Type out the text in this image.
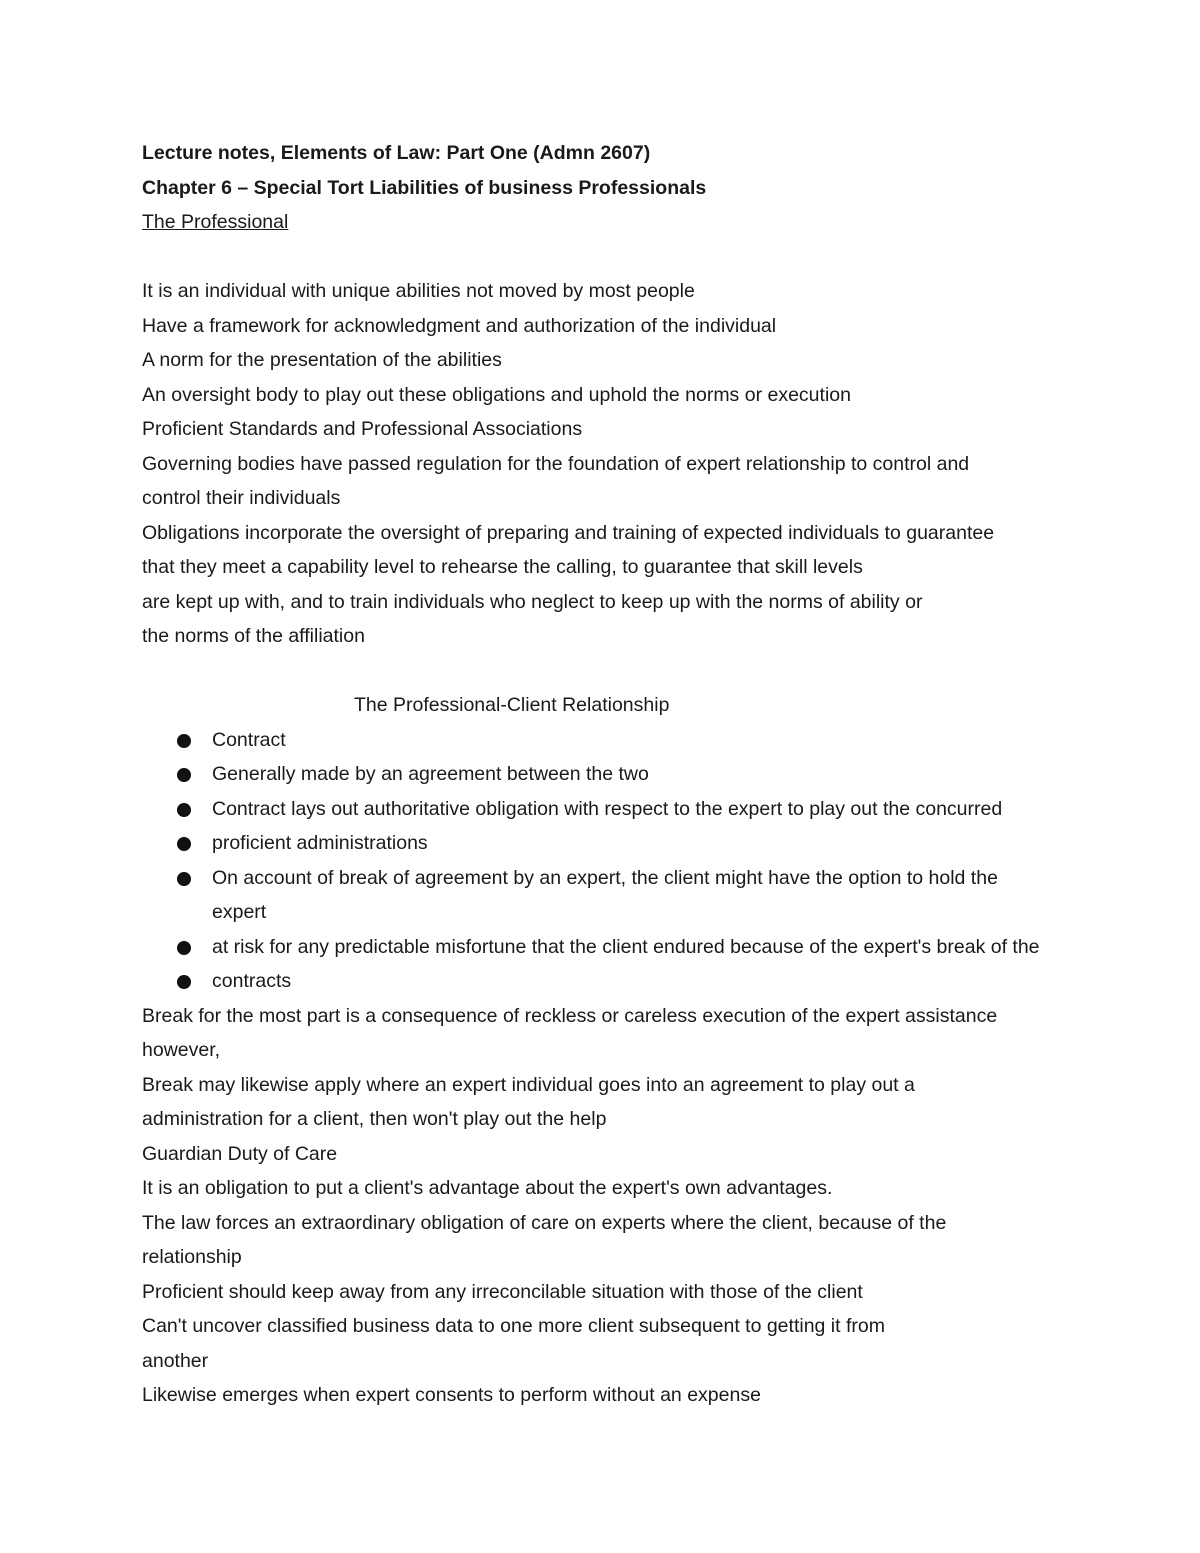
Lecture notes, Elements of Law: Part One (Admn 2607)

Chapter 6 – Special Tort Liabilities of business Professionals

The Professional

It is an individual with unique abilities not moved by most people

Have a framework for acknowledgment and authorization of the individual

A norm for the presentation of the abilities

An oversight body to play out these obligations and uphold the norms or execution

Proficient Standards and Professional Associations

Governing bodies have passed regulation for the foundation of expert relationship to control and

control their individuals

Obligations incorporate the oversight of preparing and training of expected individuals to guarantee

that they meet a capability level to rehearse the calling, to guarantee that skill levels

are kept up with, and to train individuals who neglect to keep up with the norms of ability or

the norms of the affiliation

The Professional-Client Relationship

Contract
Generally made by an agreement between the two
Contract lays out authoritative obligation with respect to the expert to play out the concurred
proficient administrations
On account of break of agreement by an expert, the client might have the option to hold the
expert
at risk for any predictable misfortune that the client endured because of the expert's break of the
contracts

Break for the most part is a consequence of reckless or careless execution of the expert assistance

however,

Break may likewise apply where an expert individual goes into an agreement to play out a

administration for a client, then won't play out the help

Guardian Duty of Care

It is an obligation to put a client's advantage about the expert's own advantages.

The law forces an extraordinary obligation of care on experts where the client, because of the

relationship

Proficient should keep away from any irreconcilable situation with those of the client

Can't uncover classified business data to one more client subsequent to getting it from

another

Likewise emerges when expert consents to perform without an expense
